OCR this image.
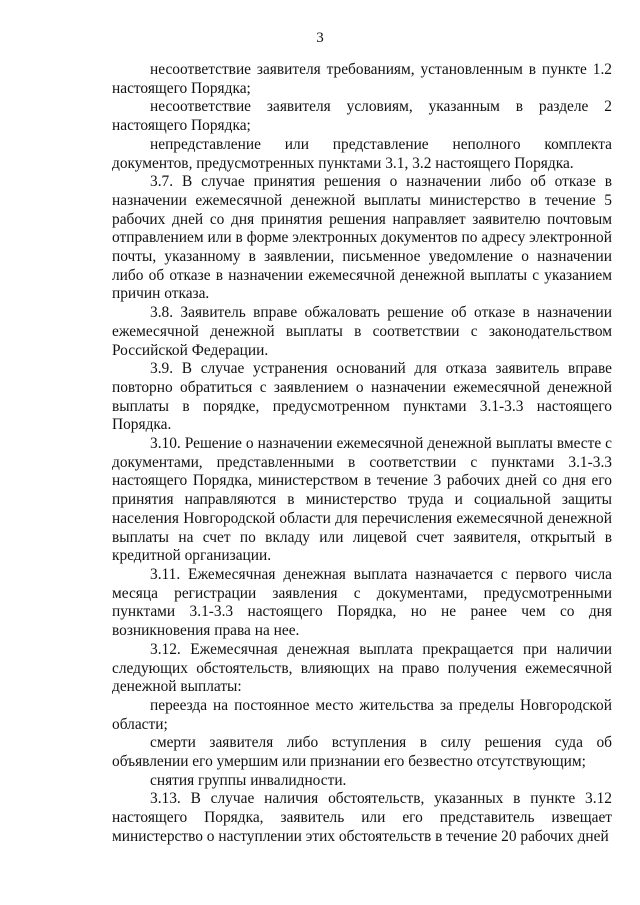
3

несоответствие заявителя требованиям, установленным в пункте 1.2 настоящего Порядка;

несоответствие заявителя условиям, указанным в разделе 2 настоящего Порядка;

непредставление или представление неполного комплекта документов, предусмотренных пунктами 3.1, 3.2 настоящего Порядка.

3.7. В случае принятия решения о назначении либо об отказе в назначении ежемесячной денежной выплаты министерство в течение 5 рабочих дней со дня принятия решения направляет заявителю почтовым отправлением или в форме электронных документов по адресу электронной почты, указанному в заявлении, письменное уведомление о назначении либо об отказе в назначении ежемесячной денежной выплаты с указанием причин отказа.

3.8. Заявитель вправе обжаловать решение об отказе в назначении ежемесячной денежной выплаты в соответствии с законодательством Российской Федерации.

3.9. В случае устранения оснований для отказа заявитель вправе повторно обратиться с заявлением о назначении ежемесячной денежной выплаты в порядке, предусмотренном пунктами 3.1-3.3 настоящего Порядка.

3.10. Решение о назначении ежемесячной денежной выплаты вместе с документами, представленными в соответствии с пунктами 3.1-3.3 настоящего Порядка, министерством в течение 3 рабочих дней со дня его принятия направляются в министерство труда и социальной защиты населения Новгородской области для перечисления ежемесячной денежной выплаты на счет по вкладу или лицевой счет заявителя, открытый в кредитной организации.

3.11. Ежемесячная денежная выплата назначается с первого числа месяца регистрации заявления с документами, предусмотренными пунктами 3.1-3.3 настоящего Порядка, но не ранее чем со дня возникновения права на нее.

3.12. Ежемесячная денежная выплата прекращается при наличии следующих обстоятельств, влияющих на право получения ежемесячной денежной выплаты:

переезда на постоянное место жительства за пределы Новгородской области;

смерти заявителя либо вступления в силу решения суда об объявлении его умершим или признании его безвестно отсутствующим;

снятия группы инвалидности.

3.13. В случае наличия обстоятельств, указанных в пункте 3.12 настоящего Порядка, заявитель или его представитель извещает министерство о наступлении этих обстоятельств в течение 20 рабочих дней
